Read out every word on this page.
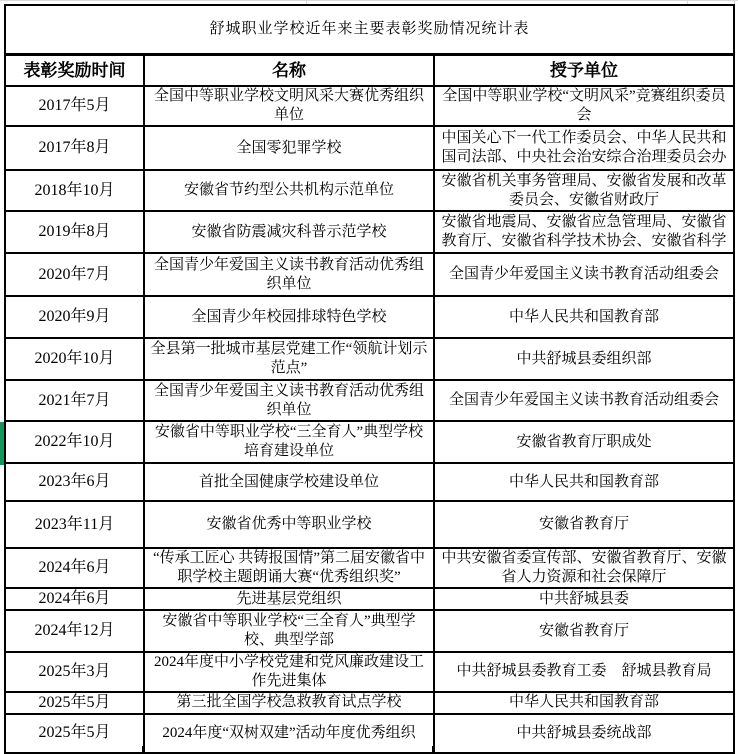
舒城职业学校近年来主要表彰奖励情况统计表		
表彰奖励时间	名称	授予单位
2017年5月	全国中等职业学校文明风采大赛优秀组织单位	全国中等职业学校“文明风采”竞赛组织委员会
2017年8月	全国零犯罪学校	中国关心下一代工作委员会、中华人民共和国司法部、中央社会治安综合治理委员会办
2018年10月	安徽省节约型公共机构示范单位	安徽省机关事务管理局、安徽省发展和改革委员会、安徽省财政厅
2019年8月	安徽省防震减灾科普示范学校	安徽省地震局、安徽省应急管理局、安徽省教育厅、安徽省科学技术协会、安徽省科学
2020年7月	全国青少年爱国主义读书教育活动优秀组织单位	全国青少年爱国主义读书教育活动组委会
2020年9月	全国青少年校园排球特色学校	中华人民共和国教育部
2020年10月	全县第一批城市基层党建工作“领航计划示范点”	中共舒城县委组织部
2021年7月	全国青少年爱国主义读书教育活动优秀组织单位	全国青少年爱国主义读书教育活动组委会
2022年10月	安徽省中等职业学校“三全育人”典型学校培育建设单位	安徽省教育厅职成处
2023年6月	首批全国健康学校建设单位	中华人民共和国教育部
2023年11月	安徽省优秀中等职业学校	安徽省教育厅
2024年6月	“传承工匠心 共铸报国情”第二届安徽省中职学校主题朗诵大赛“优秀组织奖”	中共安徽省委宣传部、安徽省教育厅、安徽省人力资源和社会保障厅
2024年6月	先进基层党组织	中共舒城县委
2024年12月	安徽省中等职业学校“三全育人”典型学校、典型学部	安徽省教育厅
2025年3月	2024年度中小学校党建和党风廉政建设工作先进集体	中共舒城县委教育工委　舒城县教育局
2025年5月	第三批全国学校急救教育试点学校	中华人民共和国教育部
2025年5月	2024年度“双树双建”活动年度优秀组织	中共舒城县委统战部
